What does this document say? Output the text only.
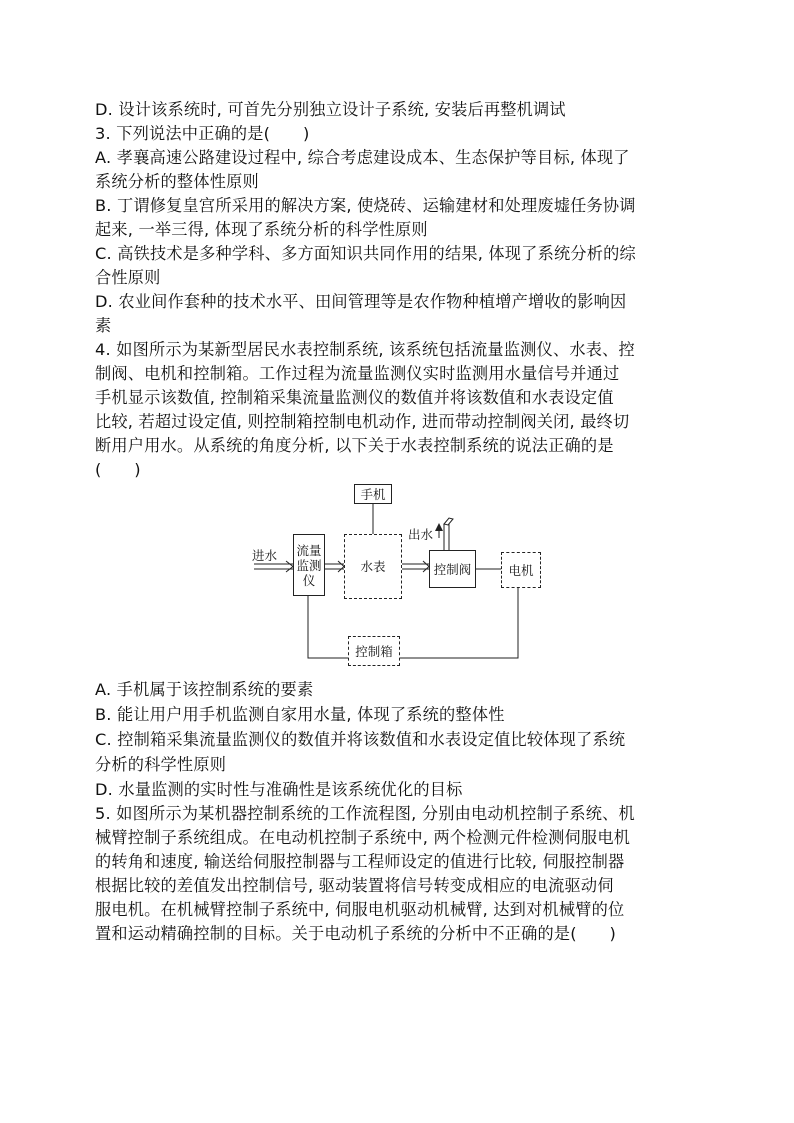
D. 设计该系统时, 可首先分别独立设计子系统, 安装后再整机调试
3. 下列说法中正确的是(　　)
A. 孝襄高速公路建设过程中, 综合考虑建设成本、生态保护等目标, 体现了
系统分析的整体性原则
B. 丁谓修复皇宫所采用的解决方案, 使烧砖、运输建材和处理废墟任务协调
起来, 一举三得, 体现了系统分析的科学性原则
C. 高铁技术是多种学科、多方面知识共同作用的结果, 体现了系统分析的综
合性原则
D. 农业间作套种的技术水平、田间管理等是农作物种植增产增收的影响因
素
4. 如图所示为某新型居民水表控制系统, 该系统包括流量监测仪、水表、控
制阀、电机和控制箱。工作过程为流量监测仪实时监测用水量信号并通过
手机显示该数值, 控制箱采集流量监测仪的数值并将该数值和水表设定值
比较, 若超过设定值, 则控制箱控制电机动作, 进而带动控制阀关闭, 最终切
断用户用水。从系统的角度分析, 以下关于水表控制系统的说法正确的是
(　　)
手机
流量
监测
仪
水表	控制阀	电机
控制箱
进水
出水
A. 手机属于该控制系统的要素
B. 能让用户用手机监测自家用水量, 体现了系统的整体性
C. 控制箱采集流量监测仪的数值并将该数值和水表设定值比较体现了系统
分析的科学性原则
D. 水量监测的实时性与准确性是该系统优化的目标
5. 如图所示为某机器控制系统的工作流程图, 分别由电动机控制子系统、机
械臂控制子系统组成。在电动机控制子系统中, 两个检测元件检测伺服电机
的转角和速度, 输送给伺服控制器与工程师设定的值进行比较, 伺服控制器
根据比较的差值发出控制信号, 驱动装置将信号转变成相应的电流驱动伺
服电机。在机械臂控制子系统中, 伺服电机驱动机械臂, 达到对机械臂的位
置和运动精确控制的目标。关于电动机子系统的分析中不正确的是(　　)
